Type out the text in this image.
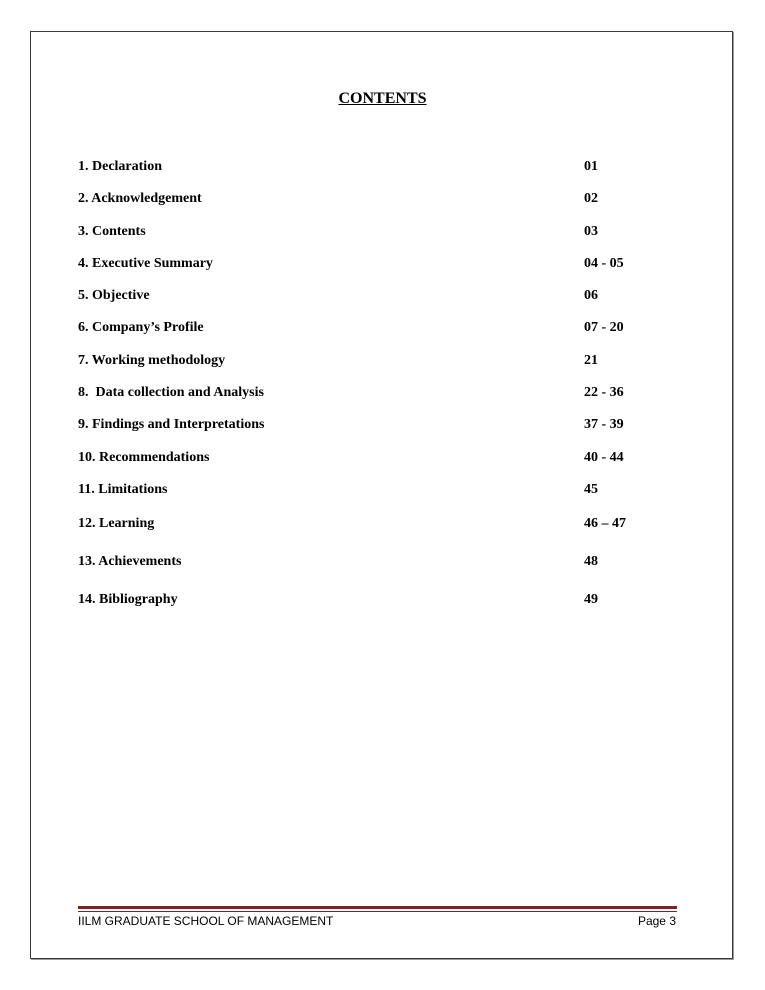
CONTENTS
1. Declaration	01
2. Acknowledgement	02
3. Contents	03
4. Executive Summary	04 - 05
5. Objective	06
6. Company’s Profile	07 - 20
7. Working methodology	21
8.  Data collection and Analysis	22 - 36
9. Findings and Interpretations	37 - 39
10. Recommendations	40 - 44
11. Limitations	45
12. Learning	46 – 47
13. Achievements	48
14. Bibliography	49
IILM GRADUATE SCHOOL OF MANAGEMENT	Page 3
